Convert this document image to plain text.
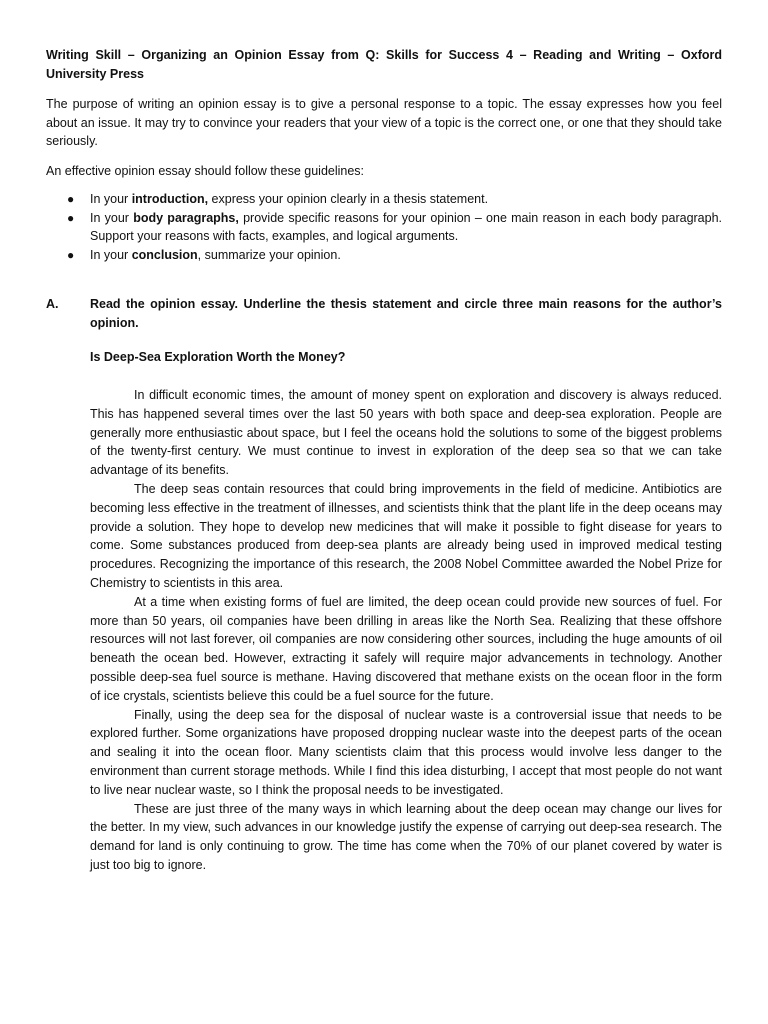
Writing Skill – Organizing an Opinion Essay from Q: Skills for Success 4 – Reading and Writing – Oxford University Press
The purpose of writing an opinion essay is to give a personal response to a topic. The essay expresses how you feel about an issue. It may try to convince your readers that your view of a topic is the correct one, or one that they should take seriously.
An effective opinion essay should follow these guidelines:
● In your introduction, express your opinion clearly in a thesis statement.
● In your body paragraphs, provide specific reasons for your opinion – one main reason in each body paragraph. Support your reasons with facts, examples, and logical arguments.
● In your conclusion, summarize your opinion.
A.	Read the opinion essay. Underline the thesis statement and circle three main reasons for the author’s opinion.
Is Deep-Sea Exploration Worth the Money?

In difficult economic times, the amount of money spent on exploration and discovery is always reduced. This has happened several times over the last 50 years with both space and deep-sea exploration. People are generally more enthusiastic about space, but I feel the oceans hold the solutions to some of the biggest problems of the twenty-first century. We must continue to invest in exploration of the deep sea so that we can take advantage of its benefits.

The deep seas contain resources that could bring improvements in the field of medicine. Antibiotics are becoming less effective in the treatment of illnesses, and scientists think that the plant life in the deep oceans may provide a solution. They hope to develop new medicines that will make it possible to fight disease for years to come. Some substances produced from deep-sea plants are already being used in improved medical testing procedures. Recognizing the importance of this research, the 2008 Nobel Committee awarded the Nobel Prize for Chemistry to scientists in this area.

At a time when existing forms of fuel are limited, the deep ocean could provide new sources of fuel. For more than 50 years, oil companies have been drilling in areas like the North Sea. Realizing that these offshore resources will not last forever, oil companies are now considering other sources, including the huge amounts of oil beneath the ocean bed. However, extracting it safely will require major advancements in technology. Another possible deep-sea fuel source is methane. Having discovered that methane exists on the ocean floor in the form of ice crystals, scientists believe this could be a fuel source for the future.

Finally, using the deep sea for the disposal of nuclear waste is a controversial issue that needs to be explored further. Some organizations have proposed dropping nuclear waste into the deepest parts of the ocean and sealing it into the ocean floor. Many scientists claim that this process would involve less danger to the environment than current storage methods. While I find this idea disturbing, I accept that most people do not want to live near nuclear waste, so I think the proposal needs to be investigated.

These are just three of the many ways in which learning about the deep ocean may change our lives for the better. In my view, such advances in our knowledge justify the expense of carrying out deep-sea research. The demand for land is only continuing to grow. The time has come when the 70% of our planet covered by water is just too big to ignore.
